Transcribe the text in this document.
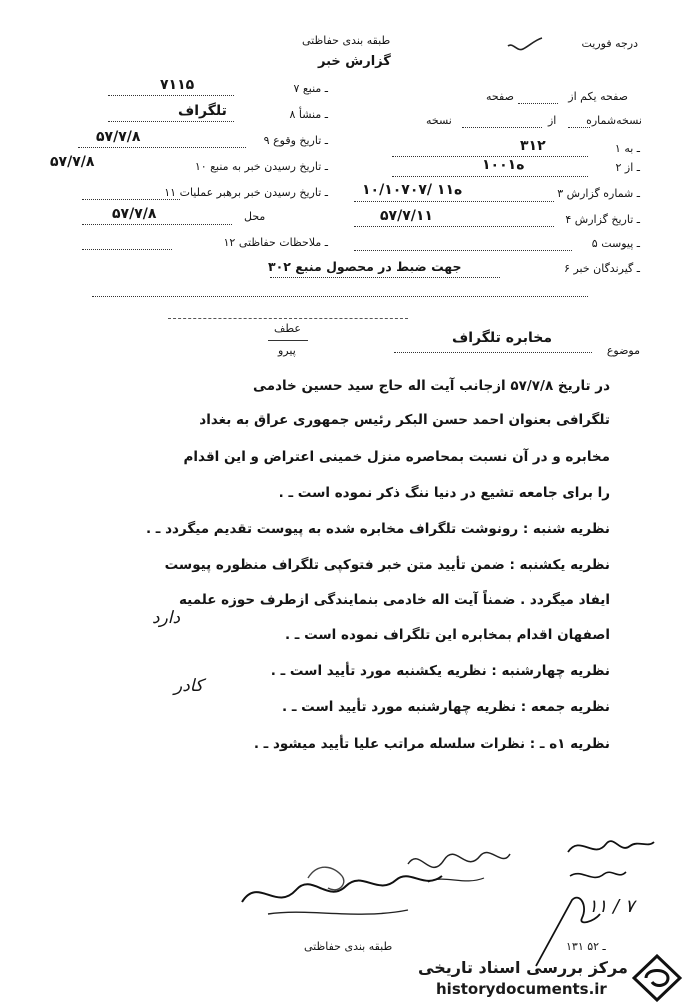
درجه فوریت
طبقه بندی حفاظتی
گزارش خبر
صفحه یکم از
صفحه
نسخه‌شماره
از
نسخه
۱ ـ به
۳۱۲
۲ ـ از
۱۰۰ه۱
۳ ـ شماره گزارش
۱۰/۱۰۷۰۷/ ۱ه۱
۴ ـ تاریخ گزارش
۵۷/۷/۱۱
۵ ـ پیوست
۶ ـ گیرندگان خبر
۳۰۲ جهت ضبط در محصول منبع
۷ ـ منبع
۷۱۱۵
۸ ـ منشأ
تلگراف
۹ ـ تاریخ وقوع
۵۷/۷/۸
۱۰ ـ تاریخ رسیدن خبر به منبع
۵۷/۷/۸
۱۱ ـ تاریخ رسیدن خبر برهبر عملیات
محل
۵۷/۷/۸
۱۲ ـ ملاحظات حفاظتی
عطف
پیرو	موضوع
مخابره تلگراف
در تاریخ ۵۷/۷/۸ ازجانب آیت اله حاج سید حسین خادمی
تلگرافی بعنوان احمد حسن البکر رئیس جمهوری عراق به بغداد
مخابره و در آن نسبت بمحاصره منزل خمینی اعتراض و این اقدام
را برای جامعه تشیع در دنیا ننگ ذکر نموده است ـ .
نظریه شنبه : رونوشت تلگراف مخابره شده به پیوست تقدیم میگردد ـ .
نظریه یکشنبه : ضمن تأیید متن خبر فتوکپی تلگراف منظوره پیوست
ایفاد میگردد . ضمناً آیت اله خادمی بنمایندگی ازطرف حوزه علمیه
اصفهان اقدام بمخابره این تلگراف نموده است ـ .
نظریه چهارشنبه : نظریه یکشنبه مورد تأیید است ـ .
نظریه جمعه : نظریه چهارشنبه مورد تأیید است ـ .
نظریه ۱ه ـ : نظرات سلسله مراتب علیا تأیید میشود ـ .
دارد
کادر
۱۱ / ۷
طبقه بندی حفاظتی	۱۳۱ ـ ۵۲
مرکز بررسی اسناد تاریخی
historydocuments.ir
